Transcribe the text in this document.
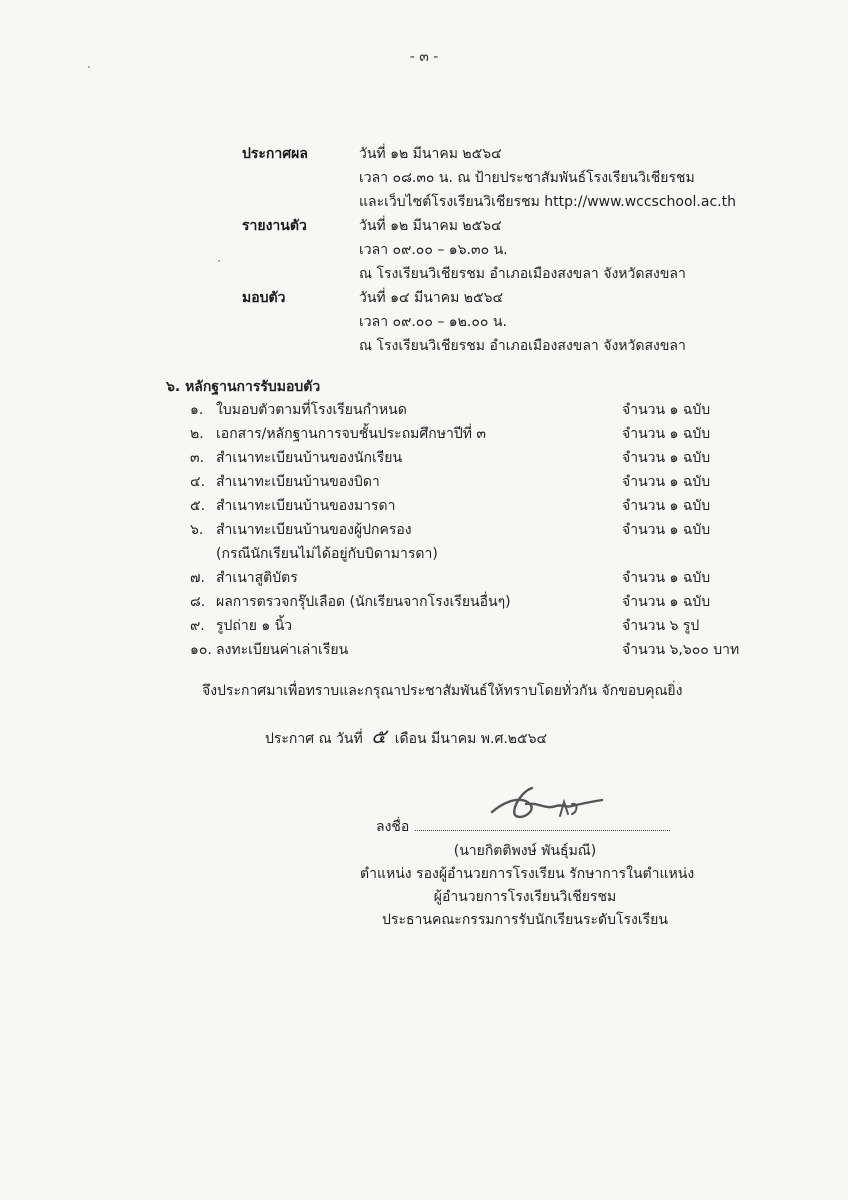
- ๓ -
ประกาศผล	วันที่ ๑๒ มีนาคม ๒๕๖๔
เวลา ๐๘.๓๐ น. ณ ป้ายประชาสัมพันธ์โรงเรียนวิเชียรชม
และเว็บไซต์โรงเรียนวิเชียรชม http://www.wccschool.ac.th
รายงานตัว	วันที่ ๑๒ มีนาคม ๒๕๖๔
เวลา ๐๙.๐๐ – ๑๖.๓๐ น.
ณ โรงเรียนวิเชียรชม อำเภอเมืองสงขลา จังหวัดสงขลา
มอบตัว	วันที่ ๑๔ มีนาคม ๒๕๖๔
เวลา ๐๙.๐๐ – ๑๒.๐๐ น.
ณ โรงเรียนวิเชียรชม อำเภอเมืองสงขลา จังหวัดสงขลา
๖. หลักฐานการรับมอบตัว
๑. ใบมอบตัวตามที่โรงเรียนกำหนด	จำนวน ๑ ฉบับ
๒. เอกสาร/หลักฐานการจบชั้นประถมศึกษาปีที่ ๓	จำนวน ๑ ฉบับ
๓. สำเนาทะเบียนบ้านของนักเรียน	จำนวน ๑ ฉบับ
๔. สำเนาทะเบียนบ้านของบิดา	จำนวน ๑ ฉบับ
๕. สำเนาทะเบียนบ้านของมารดา	จำนวน ๑ ฉบับ
๖. สำเนาทะเบียนบ้านของผู้ปกครอง	จำนวน ๑ ฉบับ
(กรณีนักเรียนไม่ได้อยู่กับบิดามารดา)
๗. สำเนาสูติบัตร	จำนวน ๑ ฉบับ
๘. ผลการตรวจกรุ๊ปเลือด (นักเรียนจากโรงเรียนอื่นๆ)	จำนวน ๑ ฉบับ
๙. รูปถ่าย ๑ นิ้ว	จำนวน ๖ รูป
๑๐. ลงทะเบียนค่าเล่าเรียน	จำนวน ๖,๖๐๐ บาท
จึงประกาศมาเพื่อทราบและกรุณาประชาสัมพันธ์ให้ทราบโดยทั่วกัน จักขอบคุณยิ่ง
ประกาศ ณ วันที่ ๕ เดือน มีนาคม พ.ศ.๒๕๖๔
ลงชื่อ
(นายกิตติพงษ์ พันธุ์มณี)
ตำแหน่ง รองผู้อำนวยการโรงเรียน รักษาการในตำแหน่ง
ผู้อำนวยการโรงเรียนวิเชียรชม
ประธานคณะกรรมการรับนักเรียนระดับโรงเรียน
